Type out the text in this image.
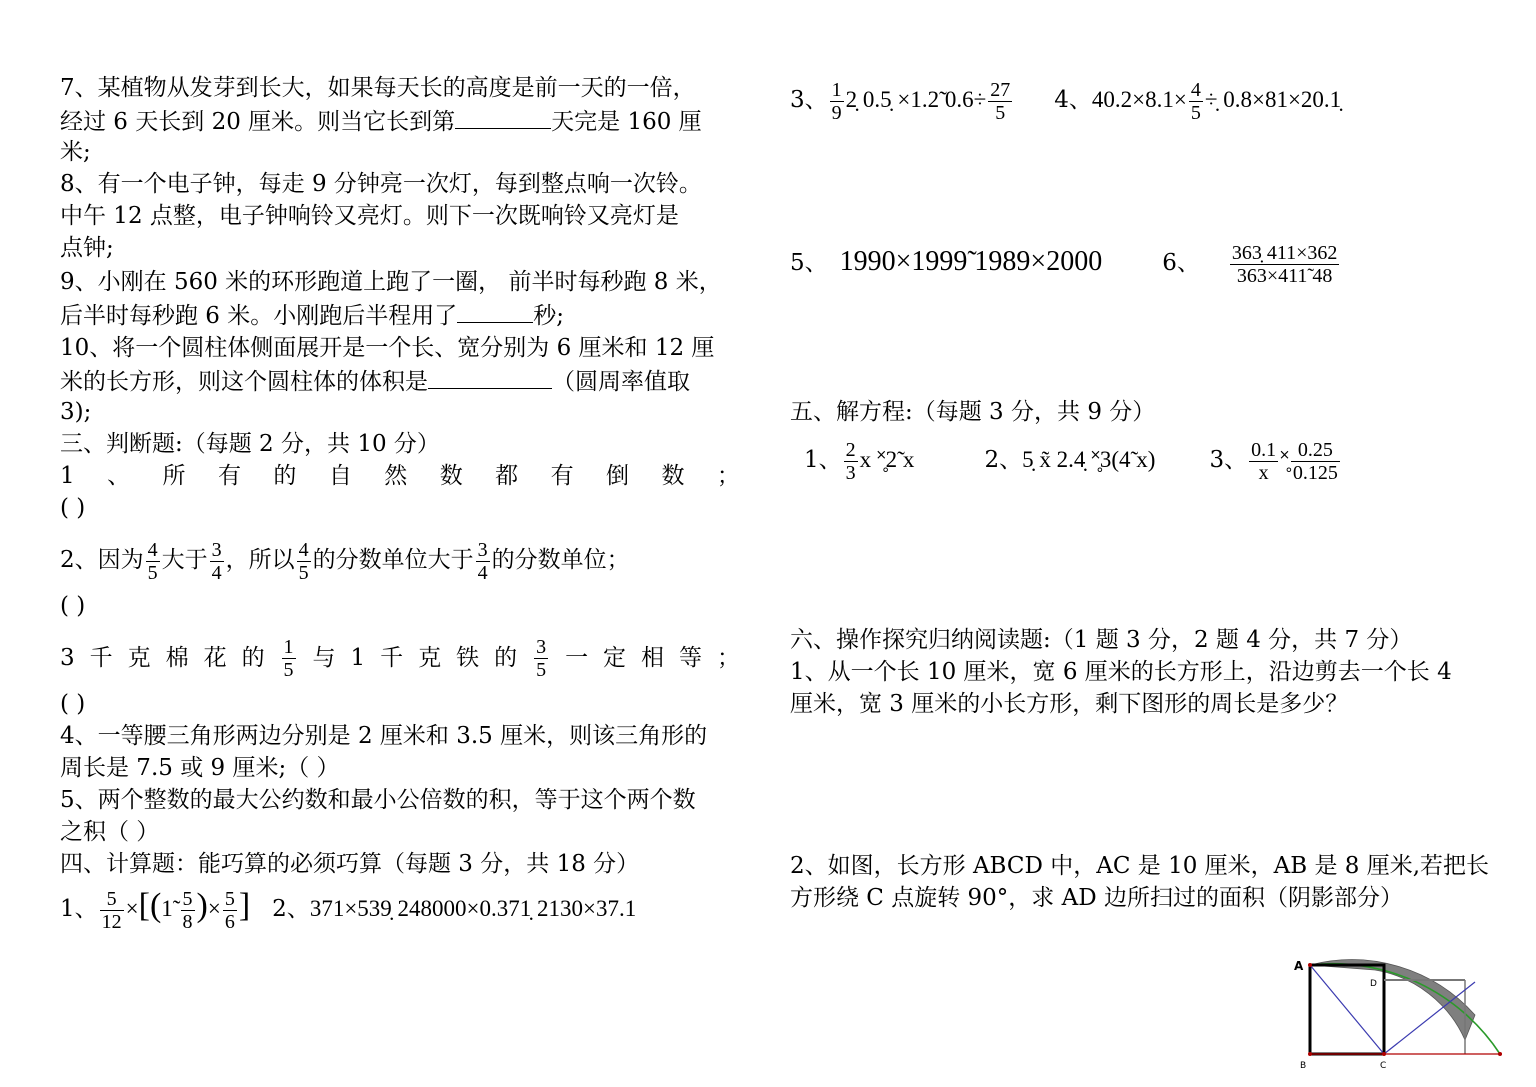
7、某植物从发芽到长大，如果每天长的高度是前一天的一倍，
经过 6 天长到 20 厘米。则当它长到第	天完是 160 厘
米;
8、有一个电子钟，每走 9 分钟亮一次灯，每到整点响一次铃。
中午 12 点整，电子钟响铃又亮灯。则下一次既响铃又亮灯是
点钟;
9、小刚在 560 米的环形跑道上跑了一圈， 前半时每秒跑 8 米，
后半时每秒跑 6 米。小刚跑后半程用了	秒;
10、将一个圆柱体侧面展开是一个长、宽分别为 6 厘米和 12 厘
米的长方形，则这个圆柱体的体积是	（圆周率值取
3);
三、判断题:（每题 2 分，共 10 分）
1 、 所 有 的 自 然 数 都 有 倒 数 ；
( )
2、因为 $\frac{4}{5}$ 大于 $\frac{3}{4}$ ，所以 $\frac{4}{5}$ 的分数单位大于 $\frac{3}{4}$ 的分数单位；
( )
3 千 克 棉 花 的 $\frac{1}{5}$ 与 1 千 克 铁 的 $\frac{3}{5}$ 一 定 相 等 ；
( )
4、一等腰三角形两边分别是 2 厘米和 3.5 厘米，则该三角形的
周长是 7.5 或 9 厘米;（ ）
5、两个整数的最大公约数和最小公倍数的积，等于这个两个数
之积（ ）
四、计算题：能巧算的必须巧算（每题 3 分，共 18 分）
1、 $\frac{5}{12}$ ×[(1̃ $\frac{5}{8}$ )× $\frac{5}{6}$ ] 2、371×539̣ 248000×0.371̣ 2130×37.1
3、 $\frac{1}{9}$ 2̣ 0.5̣ ×1.2̃ $0.6\div \frac{27}{5} 4$、$40.2\times 8.1\times \frac{4}{5}$ ÷̣ 0.8×81×20.1̣
5、 1990×1999̃ 1989×2000	6、 $\frac{363̣ 411\times 362}{363\times 411̃ 48}$
五、解方程:（每题 3 分，共 9 分）
1、 $\frac{2}{3}$ x ˟̥2̃ x	2、5̣ x̃ 2.4̣ ˟̥3(4̃ x) 3、 $\frac{0.1}{x}$ ˟̥ $\frac{0.25}{0.125}$
六、操作探究归纳阅读题:（1 题 3 分，2 题 4 分，共 7 分）
1、从一个长 10 厘米，宽 6 厘米的长方形上，沿边剪去一个长 4
厘米，宽 3 厘米的小长方形，剩下图形的周长是多少？
2、如图，长方形 ABCD 中，AC 是 10 厘米，AB 是 8 厘米,若把长
方形绕 C 点旋转 90°，求 AD 边所扫过的面积（阴影部分）
A
B	C
D
